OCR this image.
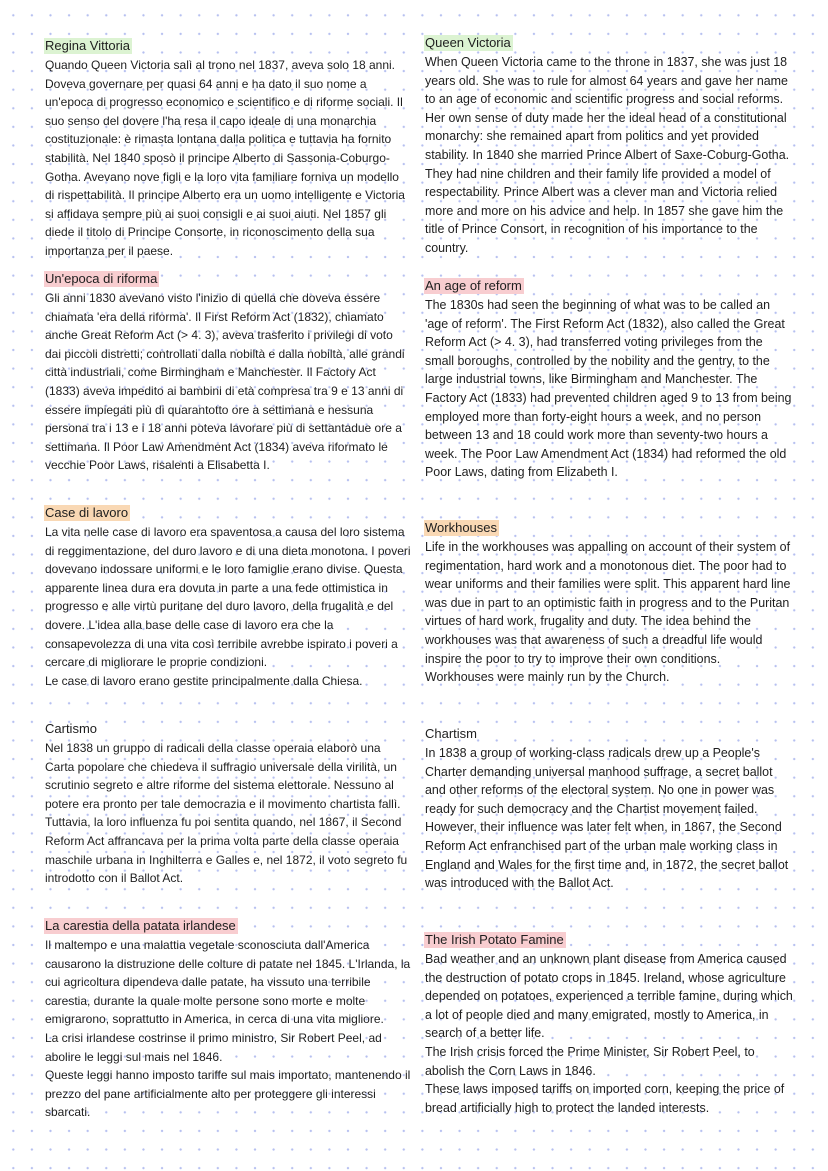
Regina Vittoria

Quando Queen Victoria salì al trono nel 1837, aveva solo 18 anni. Doveva governare per quasi 64 anni e ha dato il suo nome a un'epoca di progresso economico e scientifico e di riforme sociali. Il suo senso del dovere l'ha resa il capo ideale di una monarchia costituzionale: è rimasta lontana dalla politica e tuttavia ha fornito stabilità. Nel 1840 sposò il principe Alberto di Sassonia-Coburgo-Gotha. Avevano nove figli e la loro vita familiare forniva un modello di rispettabilità. Il principe Alberto era un uomo intelligente e Victoria si affidava sempre più ai suoi consigli e ai suoi aiuti. Nel 1857 gli diede il titolo di Principe Consorte, in riconoscimento della sua importanza per il paese.

Un'epoca di riforma

Gli anni 1830 avevano visto l'inizio di quella che doveva essere chiamata 'era della riforma'. Il First Reform Act (1832), chiamato anche Great Reform Act (> 4. 3), aveva trasferito i privilegi di voto dai piccoli distretti; controllati dalla nobiltà e dalla nobiltà, alle grandi città industriali, come Birmingham e Manchester. Il Factory Act (1833) aveva impedito ai bambini di età compresa tra 9 e 13 anni di essere impiegati più di quarantotto ore a settimana e nessuna persona tra i 13 e i 18 anni poteva lavorare più di settantadue ore a settimana. Il Poor Law Amendment Act (1834) aveva riformato le vecchie Poor Laws, risalenti a Elisabetta I.

Case di lavoro

La vita nelle case di lavoro era spaventosa a causa del loro sistema di reggimentazione, del duro lavoro e di una dieta monotona. I poveri dovevano indossare uniformi e le loro famiglie erano divise. Questa apparente linea dura era dovuta in parte a una fede ottimistica in progresso e alle virtù puritane del duro lavoro, della frugalità e del dovere. L'idea alla base delle case di lavoro era che la consapevolezza di una vita così terribile avrebbe ispirato i poveri a cercare di migliorare le proprie condizioni.

Le case di lavoro erano gestite principalmente dalla Chiesa.

Cartismo

Nel 1838 un gruppo di radicali della classe operaia elaborò una Carta popolare che chiedeva il suffragio universale della virilità, un scrutinio segreto e altre riforme del sistema elettorale. Nessuno al potere era pronto per tale democrazia e il movimento chartista fallì. Tuttavia, la loro influenza fu poi sentita quando, nel 1867, il Second Reform Act affrancava per la prima volta parte della classe operaia maschile urbana in Inghilterra e Galles e, nel 1872, il voto segreto fu introdotto con il Ballot Act.

La carestia della patata irlandese

Il maltempo e una malattia vegetale sconosciuta dall'America causarono la distruzione delle colture di patate nel 1845. L'Irlanda, la cui agricoltura dipendeva dalle patate, ha vissuto una terribile carestia, durante la quale molte persone sono morte e molte emigrarono, soprattutto in America, in cerca di una vita migliore.

La crisi irlandese costrinse il primo ministro, Sir Robert Peel, ad abolire le leggi sul mais nel 1846.

Queste leggi hanno imposto tariffe sul mais importato, mantenendo il prezzo del pane artificialmente alto per proteggere gli interessi sbarcati.

Queen Victoria

When Queen Victoria came to the throne in 1837, she was just 18 years old. She was to rule for almost 64 years and gave her name to an age of economic and scientific progress and social reforms. Her own sense of duty made her the ideal head of a constitutional monarchy: she remained apart from politics and yet provided stability. In 1840 she married Prince Albert of Saxe-Coburg-Gotha. They had nine children and their family life provided a model of respectability. Prince Albert was a clever man and Victoria relied more and more on his advice and help. In 1857 she gave him the title of Prince Consort, in recognition of his importance to the country.

An age of reform

The 1830s had seen the beginning of what was to be called an 'age of reform'. The First Reform Act (1832), also called the Great Reform Act (> 4. 3), had transferred voting privileges from the small boroughs, controlled by the nobility and the gentry, to the large industrial towns, like Birmingham and Manchester. The Factory Act (1833) had prevented children aged 9 to 13 from being employed more than forty-eight hours a week, and no person between 13 and 18 could work more than seventy-two hours a week. The Poor Law Amendment Act (1834) had reformed the old Poor Laws, dating from Elizabeth I.

Workhouses

Life in the workhouses was appalling on account of their system of regimentation, hard work and a monotonous diet. The poor had to wear uniforms and their families were split. This apparent hard line was due in part to an optimistic faith in progress and to the Puritan virtues of hard work, frugality and duty. The idea behind the workhouses was that awareness of such a dreadful life would inspire the poor to try to improve their own conditions.

Workhouses were mainly run by the Church.

Chartism

In 1838 a group of working-class radicals drew up a People's Charter demanding universal manhood suffrage, a secret ballot and other reforms of the electoral system. No one in power was ready for such democracy and the Chartist movement failed. However, their influence was later felt when, in 1867, the Second Reform Act enfranchised part of the urban male working class in England and Wales for the first time and, in 1872, the secret ballot was introduced with the Ballot Act.

The Irish Potato Famine

Bad weather and an unknown plant disease from America caused the destruction of potato crops in 1845. Ireland, whose agriculture depended on potatoes, experienced a terrible famine, during which a lot of people died and many emigrated, mostly to America, in search of a better life.

The Irish crisis forced the Prime Minister, Sir Robert Peel, to abolish the Corn Laws in 1846.

These laws imposed tariffs on imported corn, keeping the price of bread artificially high to protect the landed interests.
